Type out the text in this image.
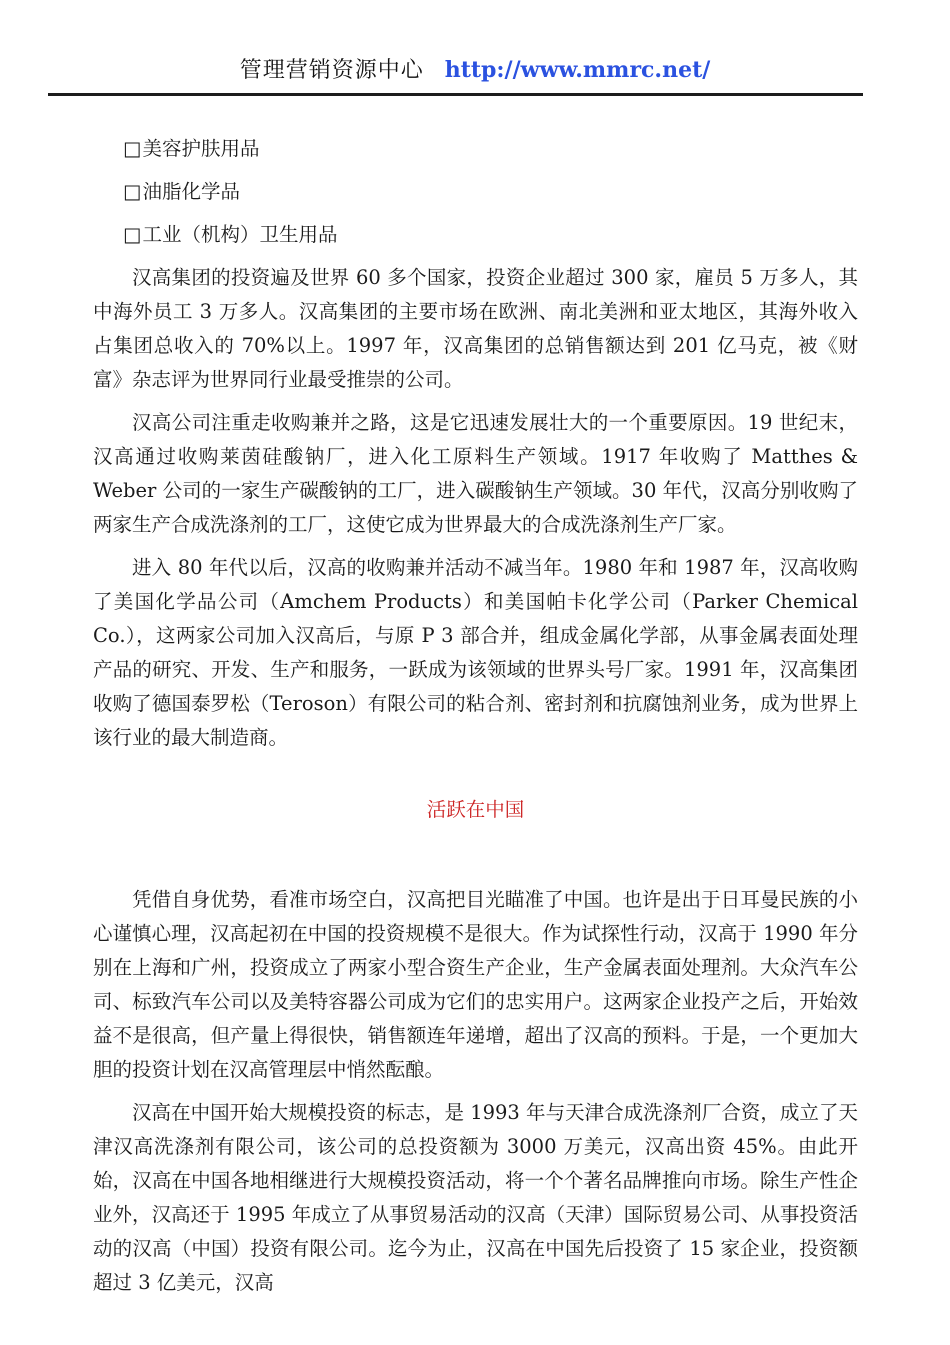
管理营销资源中心 http://www.mmrc.net/
□美容护肤用品
□油脂化学品
□工业（机构）卫生用品

汉高集团的投资遍及世界 60 多个国家，投资企业超过 300 家，雇员 5 万多人，其中海外员工 3 万多人。汉高集团的主要市场在欧洲、南北美洲和亚太地区，其海外收入占集团总收入的 70%以上。1997 年，汉高集团的总销售额达到 201 亿马克，被《财富》杂志评为世界同行业最受推崇的公司。

汉高公司注重走收购兼并之路，这是它迅速发展壮大的一个重要原因。19 世纪末，汉高通过收购莱茵硅酸钠厂，进入化工原料生产领域。1917 年收购了 Matthes & Weber 公司的一家生产碳酸钠的工厂，进入碳酸钠生产领域。30 年代，汉高分别收购了两家生产合成洗涤剂的工厂，这使它成为世界最大的合成洗涤剂生产厂家。

进入 80 年代以后，汉高的收购兼并活动不减当年。1980 年和 1987 年，汉高收购了美国化学品公司（Amchem Products）和美国帕卡化学公司（Parker Chemical Co.），这两家公司加入汉高后，与原 P 3 部合并，组成金属化学部，从事金属表面处理产品的研究、开发、生产和服务，一跃成为该领域的世界头号厂家。1991 年，汉高集团收购了德国泰罗松（Teroson）有限公司的粘合剂、密封剂和抗腐蚀剂业务，成为世界上该行业的最大制造商。

活跃在中国

凭借自身优势，看准市场空白，汉高把目光瞄准了中国。也许是出于日耳曼民族的小心谨慎心理，汉高起初在中国的投资规模不是很大。作为试探性行动，汉高于 1990 年分别在上海和广州，投资成立了两家小型合资生产企业，生产金属表面处理剂。大众汽车公司、标致汽车公司以及美特容器公司成为它们的忠实用户。这两家企业投产之后，开始效益不是很高，但产量上得很快，销售额连年递增，超出了汉高的预料。于是，一个更加大胆的投资计划在汉高管理层中悄然酝酿。

汉高在中国开始大规模投资的标志，是 1993 年与天津合成洗涤剂厂合资，成立了天津汉高洗涤剂有限公司，该公司的总投资额为 3000 万美元，汉高出资 45%。由此开始，汉高在中国各地相继进行大规模投资活动，将一个个著名品牌推向市场。除生产性企业外，汉高还于 1995 年成立了从事贸易活动的汉高（天津）国际贸易公司、从事投资活动的汉高（中国）投资有限公司。迄今为止，汉高在中国先后投资了 15 家企业，投资额超过 3 亿美元，汉高
